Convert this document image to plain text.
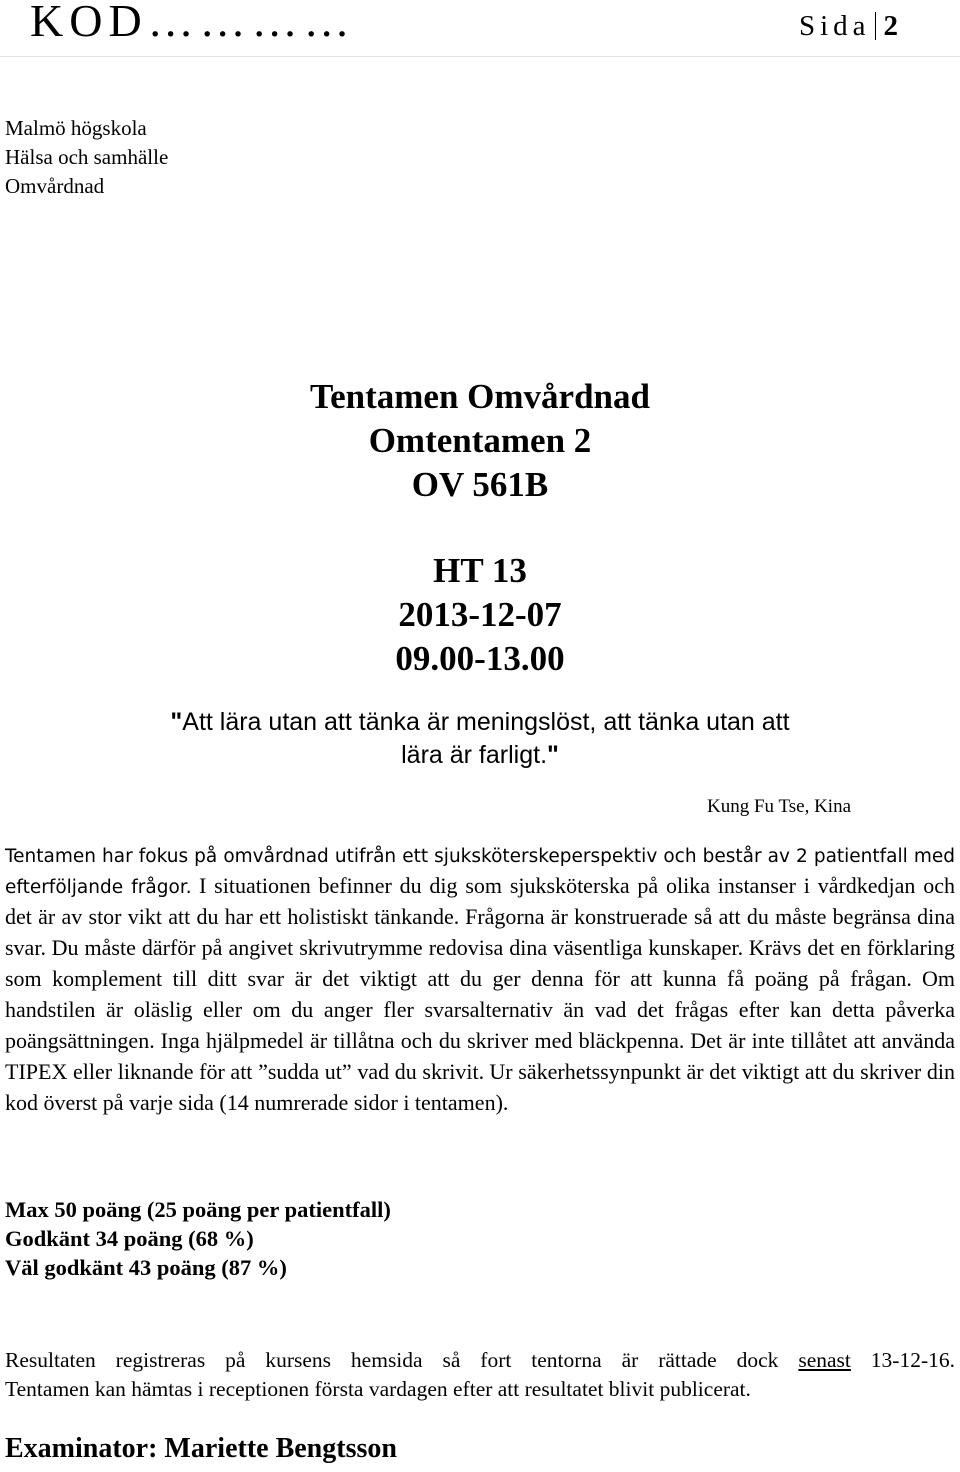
KOD…………	Sida 2
Malmö högskola
Hälsa och samhälle
Omvårdnad
Tentamen Omvårdnad
Omtentamen 2
OV 561B
HT 13
2013-12-07
09.00-13.00
"Att lära utan att tänka är meningslöst, att tänka utan att
lära är farligt."
Kung Fu Tse, Kina
Tentamen har fokus på omvårdnad utifrån ett sjuksköterskeperspektiv och består av 2 patientfall med efterföljande frågor. I situationen befinner du dig som sjuksköterska på olika instanser i vårdkedjan och det är av stor vikt att du har ett holistiskt tänkande. Frågorna är konstruerade så att du måste begränsa dina svar. Du måste därför på angivet skrivutrymme redovisa dina väsentliga kunskaper. Krävs det en förklaring som komplement till ditt svar är det viktigt att du ger denna för att kunna få poäng på frågan. Om handstilen är oläslig eller om du anger fler svarsalternativ än vad det frågas efter kan detta påverka poängsättningen. Inga hjälpmedel är tillåtna och du skriver med bläckpenna. Det är inte tillåtet att använda TIPEX eller liknande för att ”sudda ut” vad du skrivit. Ur säkerhetssynpunkt är det viktigt att du skriver din kod överst på varje sida (14 numrerade sidor i tentamen).
Max 50 poäng (25 poäng per patientfall)
Godkänt 34 poäng (68 %)
Väl godkänt 43 poäng (87 %)
Resultaten registreras på kursens hemsida så fort tentorna är rättade dock senast 13-12-16.
Tentamen kan hämtas i receptionen första vardagen efter att resultatet blivit publicerat.
Examinator: Mariette Bengtsson
